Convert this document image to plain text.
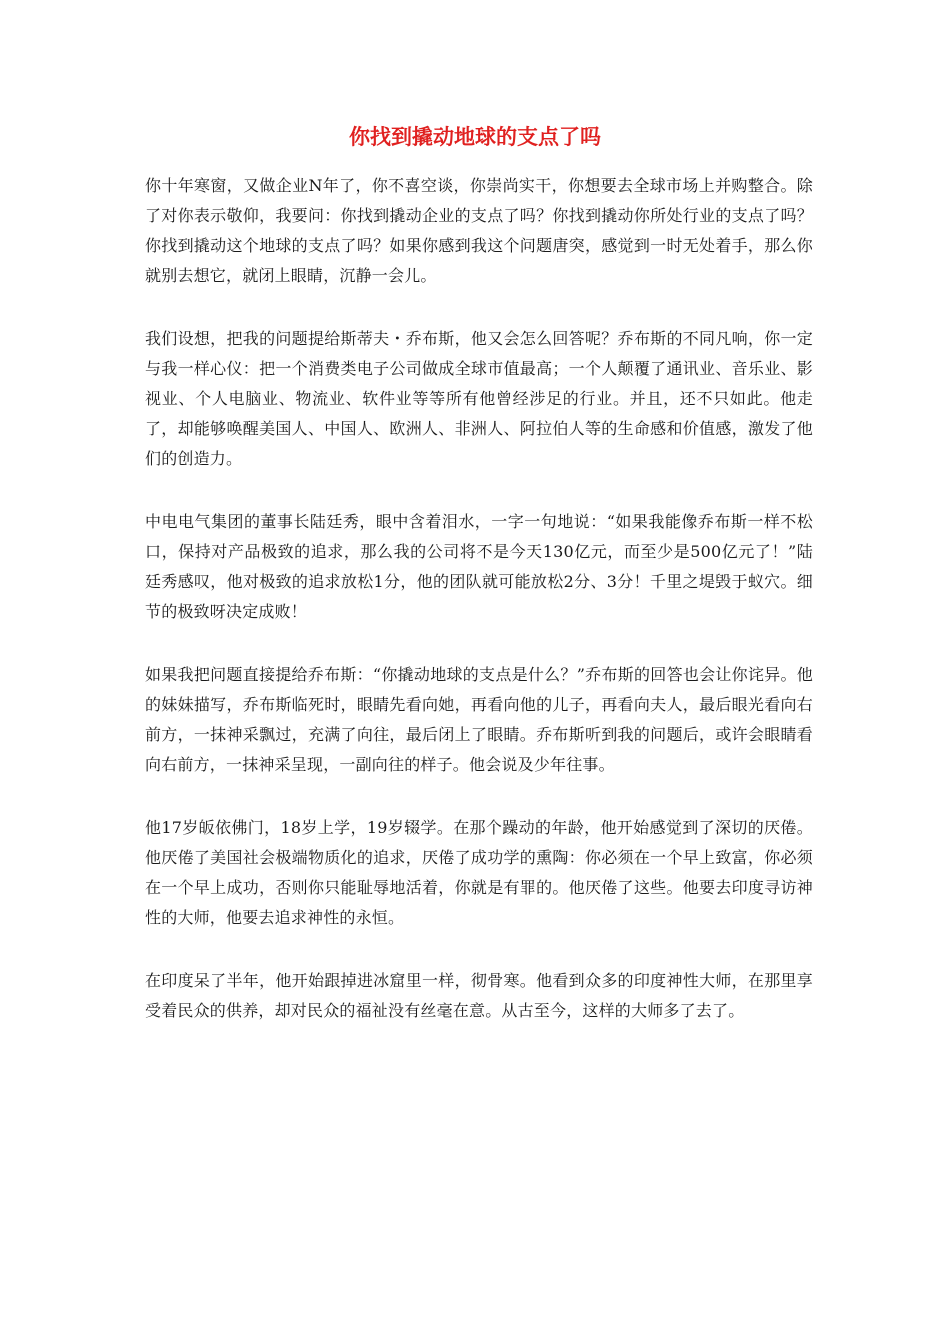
你找到撬动地球的支点了吗

你十年寒窗，又做企业N年了，你不喜空谈，你崇尚实干，你想要去全球市场上并购整合。除了对你表示敬仰，我要问：你找到撬动企业的支点了吗？你找到撬动你所处行业的支点了吗？你找到撬动这个地球的支点了吗？如果你感到我这个问题唐突，感觉到一时无处着手，那么你就别去想它，就闭上眼睛，沉静一会儿。

我们设想，把我的问题提给斯蒂夫・乔布斯，他又会怎么回答呢？乔布斯的不同凡响，你一定与我一样心仪：把一个消费类电子公司做成全球市值最高；一个人颠覆了通讯业、音乐业、影视业、个人电脑业、物流业、软件业等等所有他曾经涉足的行业。并且，还不只如此。他走了，却能够唤醒美国人、中国人、欧洲人、非洲人、阿拉伯人等的生命感和价值感，激发了他们的创造力。

中电电气集团的董事长陆廷秀，眼中含着泪水，一字一句地说：“如果我能像乔布斯一样不松口，保持对产品极致的追求，那么我的公司将不是今天130亿元，而至少是500亿元了！”陆廷秀感叹，他对极致的追求放松1分，他的团队就可能放松2分、3分！千里之堤毁于蚁穴。细节的极致呀决定成败！

如果我把问题直接提给乔布斯：“你撬动地球的支点是什么？”乔布斯的回答也会让你诧异。他的妹妹描写，乔布斯临死时，眼睛先看向她，再看向他的儿子，再看向夫人，最后眼光看向右前方，一抹神采飘过，充满了向往，最后闭上了眼睛。乔布斯听到我的问题后，或许会眼睛看向右前方，一抹神采呈现，一副向往的样子。他会说及少年往事。

他17岁皈依佛门，18岁上学，19岁辍学。在那个躁动的年龄，他开始感觉到了深切的厌倦。他厌倦了美国社会极端物质化的追求，厌倦了成功学的熏陶：你必须在一个早上致富，你必须在一个早上成功，否则你只能耻辱地活着，你就是有罪的。他厌倦了这些。他要去印度寻访神性的大师，他要去追求神性的永恒。

在印度呆了半年，他开始跟掉进冰窟里一样，彻骨寒。他看到众多的印度神性大师，在那里享受着民众的供养，却对民众的福祉没有丝毫在意。从古至今，这样的大师多了去了。
